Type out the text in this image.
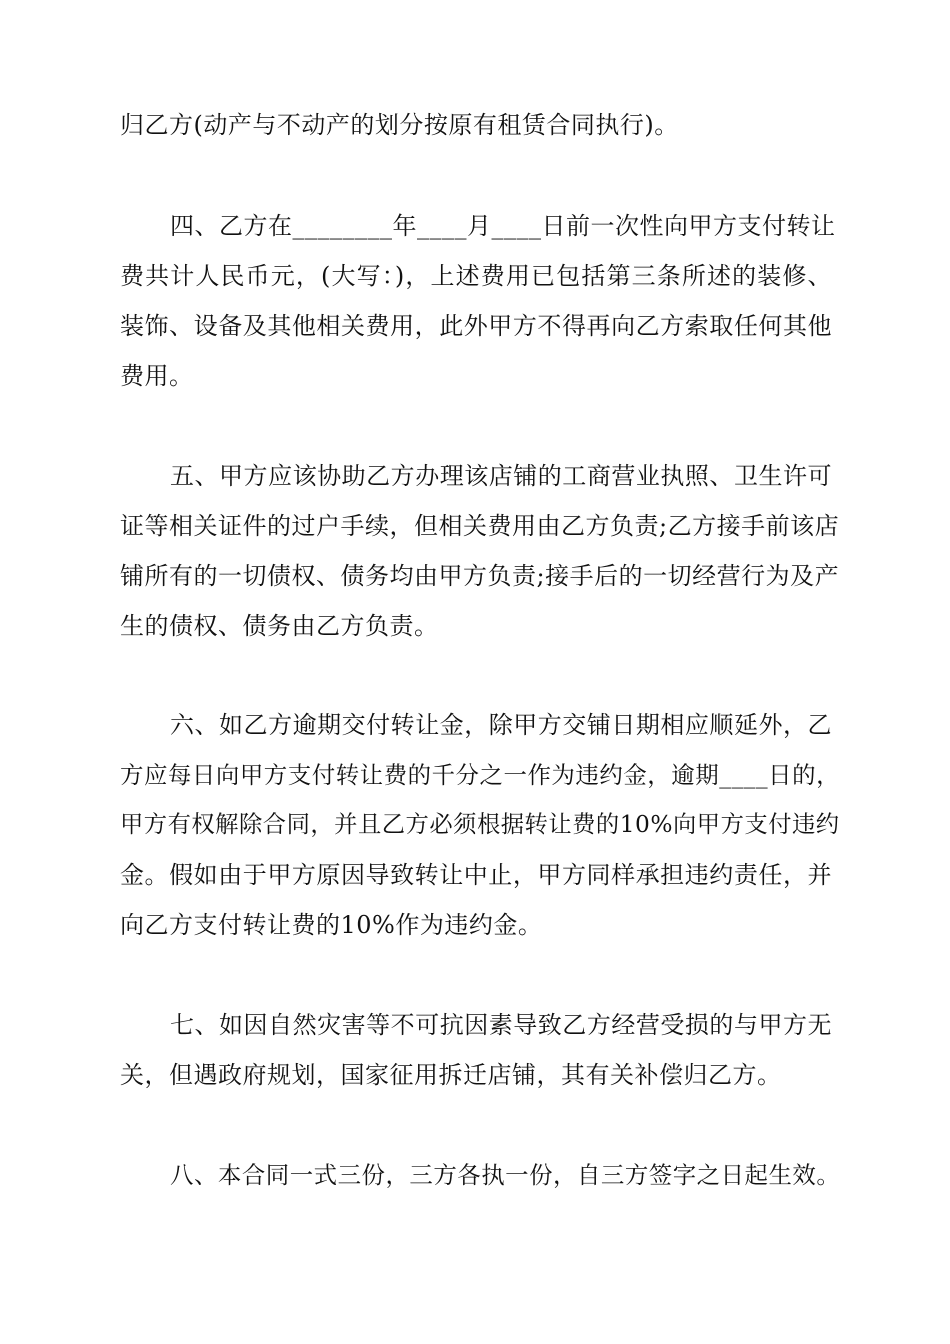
归乙方(动产与不动产的划分按原有租赁合同执行)。
四、乙方在________年____月____日前一次性向甲方支付转让
费共计人民币元，(大写：)，上述费用已包括第三条所述的装修、
装饰、设备及其他相关费用，此外甲方不得再向乙方索取任何其他
费用。
五、甲方应该协助乙方办理该店铺的工商营业执照、卫生许可
证等相关证件的过户手续，但相关费用由乙方负责;乙方接手前该店
铺所有的一切债权、债务均由甲方负责;接手后的一切经营行为及产
生的债权、债务由乙方负责。
六、如乙方逾期交付转让金，除甲方交铺日期相应顺延外，乙
方应每日向甲方支付转让费的千分之一作为违约金，逾期____日的，
甲方有权解除合同，并且乙方必须根据转让费的10%向甲方支付违约
金。假如由于甲方原因导致转让中止，甲方同样承担违约责任，并
向乙方支付转让费的10%作为违约金。
七、如因自然灾害等不可抗因素导致乙方经营受损的与甲方无
关，但遇政府规划，国家征用拆迁店铺，其有关补偿归乙方。
八、本合同一式三份，三方各执一份，自三方签字之日起生效。
